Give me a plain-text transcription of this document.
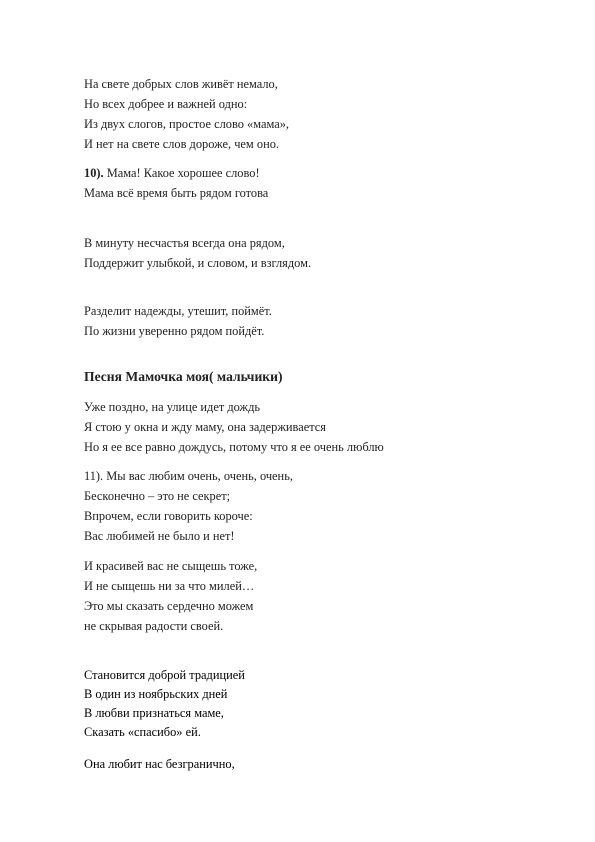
На свете добрых слов живёт немало,
Но всех добрее и важней одно:
Из двух слогов, простое слово «мама»,
И нет на свете слов дороже, чем оно.
10). Мама! Какое хорошее слово!
Мама всё время быть рядом готова
В минуту несчастья всегда она рядом,
Поддержит улыбкой, и словом, и взглядом.
Разделит надежды, утешит, поймёт.
По жизни уверенно рядом пойдёт.
Песня Мамочка моя( мальчики)
Уже поздно, на улице идет дождь
Я стою у окна и жду маму, она задерживается
Но я ее все равно дождусь, потому что я ее очень люблю
11). Мы вас любим очень, очень, очень,
Бесконечно – это не секрет;
Впрочем, если говорить короче:
Вас любимей не было и нет!
И красивей вас не сыщешь тоже,
И не сыщешь ни за что милей…
Это мы сказать сердечно можем
не скрывая радости своей.
Становится доброй традицией
В один из ноябрьских дней
В любви признаться маме,
Сказать «спасибо» ей.
Она любит нас безгранично,
